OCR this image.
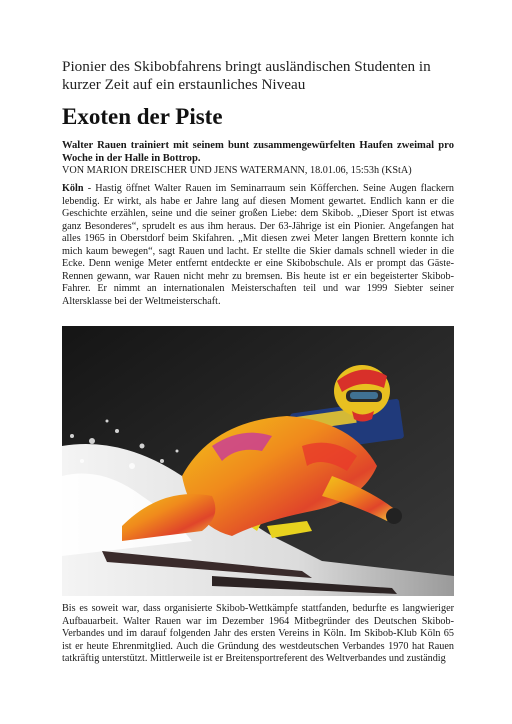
Pionier des Skibobfahrens bringt ausländischen Studenten in kurzer Zeit auf ein erstaunliches Niveau
Exoten der Piste

Walter Rauen trainiert mit seinem bunt zusammengewürfelten Haufen zweimal pro Woche in der Halle in Bottrop.

VON MARION DREISCHER UND JENS WATERMANN, 18.01.06, 15:53h (KStA)

Köln - Hastig öffnet Walter Rauen im Seminarraum sein Köfferchen. Seine Augen flackern lebendig. Er wirkt, als habe er Jahre lang auf diesen Moment gewartet. Endlich kann er die Geschichte erzählen, seine und die seiner großen Liebe: dem Skibob. „Dieser Sport ist etwas ganz Besonderes“, sprudelt es aus ihm heraus. Der 63-Jährige ist ein Pionier. Angefangen hat alles 1965 in Oberstdorf beim Skifahren. „Mit diesen zwei Meter langen Brettern konnte ich mich kaum bewegen“, sagt Rauen und lacht. Er stellte die Skier damals schnell wieder in die Ecke. Denn wenige Meter entfernt entdeckte er eine Skibobschule. Als er prompt das Gäste-Rennen gewann, war Rauen nicht mehr zu bremsen. Bis heute ist er ein begeisterter Skibob-Fahrer. Er nimmt an internationalen Meisterschaften teil und war 1999 Siebter seiner Altersklasse bei der Weltmeisterschaft.

Bis es soweit war, dass organisierte Skibob-Wettkämpfe stattfanden, bedurfte es langwieriger Aufbauarbeit. Walter Rauen war im Dezember 1964 Mitbegründer des Deutschen Skibob-Verbandes und im darauf folgenden Jahr des ersten Vereins in Köln. Im Skibob-Klub Köln 65 ist er heute Ehrenmitglied. Auch die Gründung des westdeutschen Verbandes 1970 hat Rauen tatkräftig unterstützt. Mittlerweile ist er Breitensportreferent des Weltverbandes und zuständig
